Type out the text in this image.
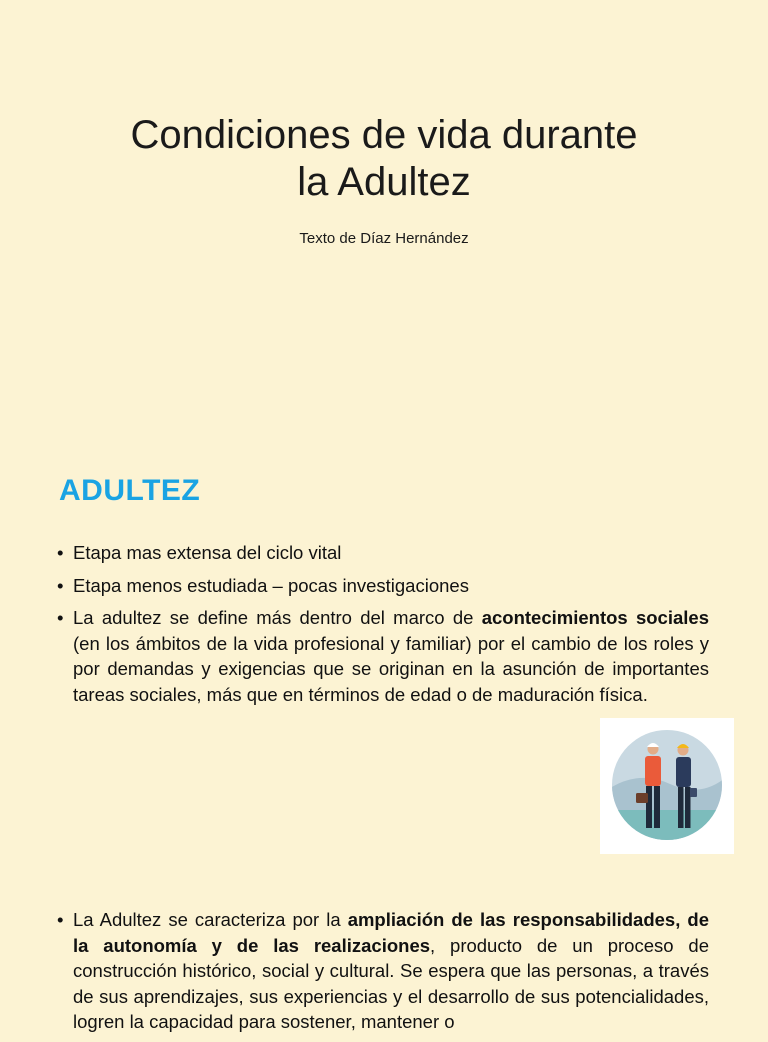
Condiciones de vida durante
la Adultez
Texto de Díaz Hernández
ADULTEZ
• Etapa mas extensa del ciclo vital
• Etapa menos estudiada – pocas investigaciones
• La adultez se define más dentro del marco de acontecimientos sociales (en los ámbitos de la vida profesional y familiar) por el cambio de los roles y por demandas y exigencias que se originan en la asunción de importantes tareas sociales, más que en términos de edad o de maduración física.
• La Adultez se caracteriza por la ampliación de las responsabilidades, de la autonomía y de las realizaciones, producto de un proceso de construcción histórico, social y cultural. Se espera que las personas, a través de sus aprendizajes, sus experiencias y el desarrollo de sus potencialidades, logren la capacidad para sostener, mantener o
